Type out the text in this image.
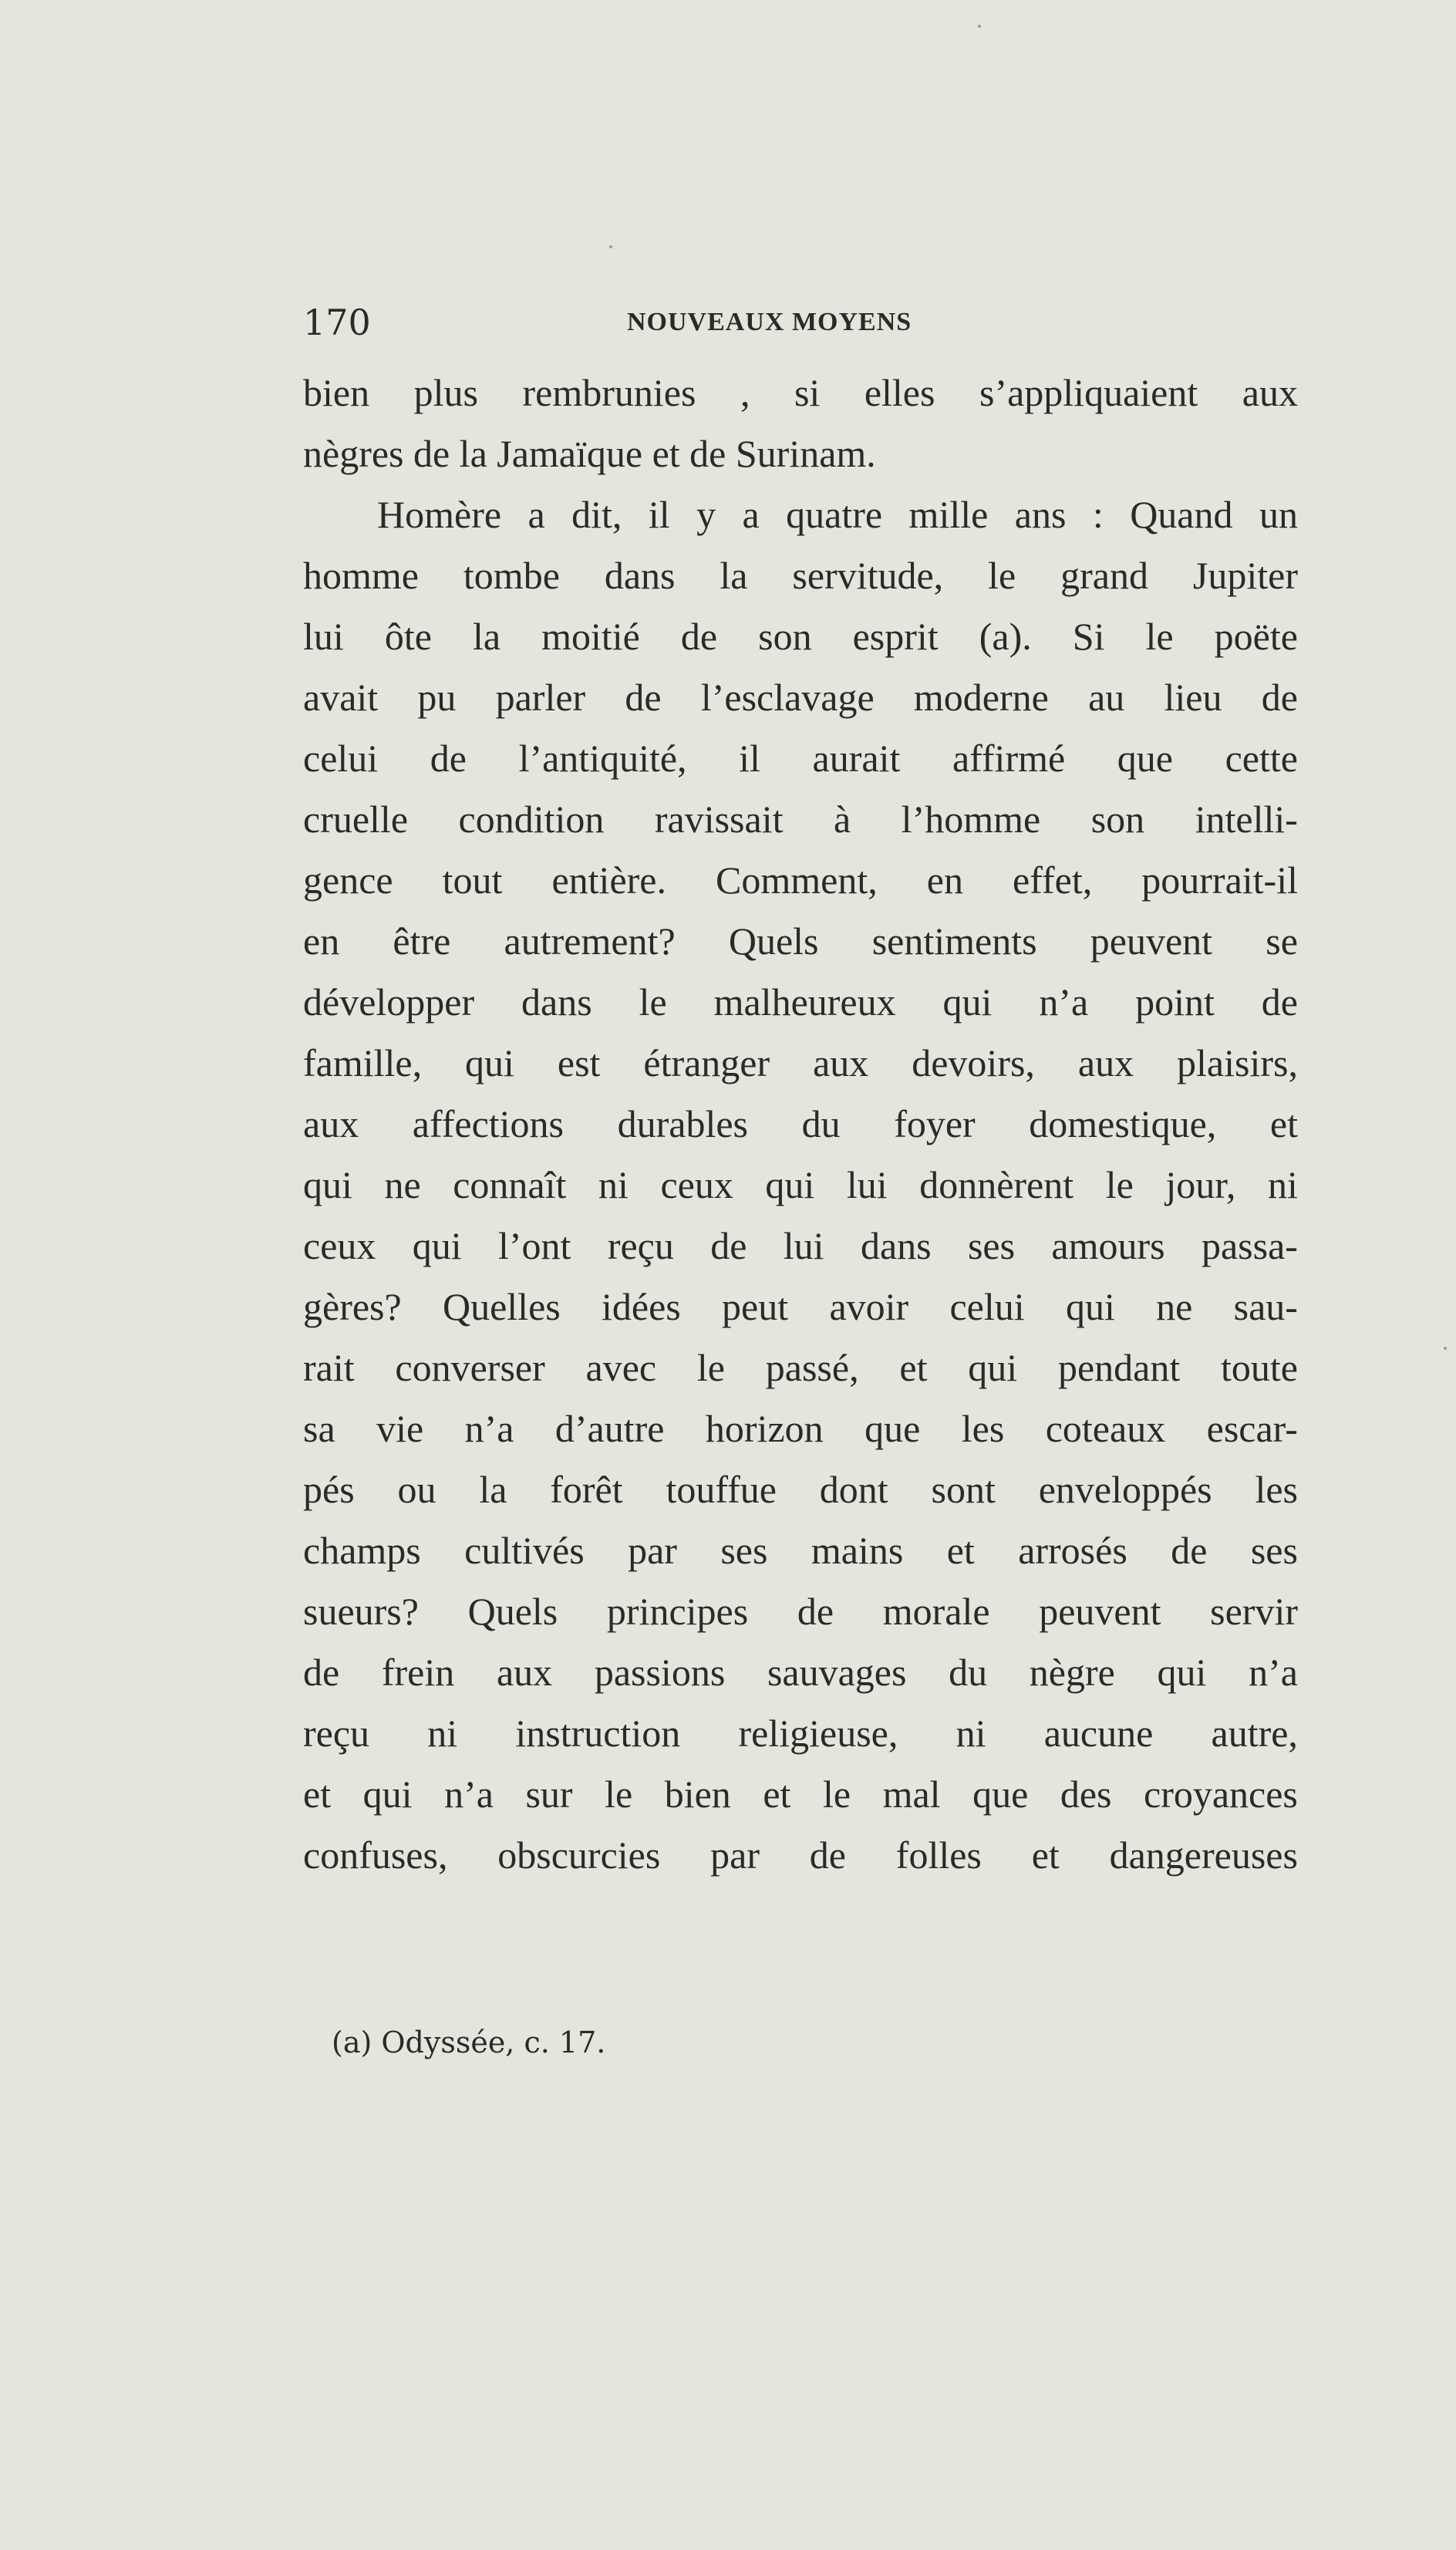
170	NOUVEAUX MOYENS
bien plus rembrunies , si elles s’appliquaient aux
nègres de la Jamaïque et de Surinam.
Homère a dit, il y a quatre mille ans : Quand un
homme tombe dans la servitude, le grand Jupiter
lui ôte la moitié de son esprit (a). Si le poëte
avait pu parler de l’esclavage moderne au lieu de
celui de l’antiquité, il aurait affirmé que cette
cruelle condition ravissait à l’homme son intelli-
gence tout entière. Comment, en effet, pourrait-il
en être autrement? Quels sentiments peuvent se
développer dans le malheureux qui n’a point de
famille, qui est étranger aux devoirs, aux plaisirs,
aux affections durables du foyer domestique, et
qui ne connaît ni ceux qui lui donnèrent le jour, ni
ceux qui l’ont reçu de lui dans ses amours passa-
gères? Quelles idées peut avoir celui qui ne sau-
rait converser avec le passé, et qui pendant toute
sa vie n’a d’autre horizon que les coteaux escar-
pés ou la forêt touffue dont sont enveloppés les
champs cultivés par ses mains et arrosés de ses
sueurs? Quels principes de morale peuvent servir
de frein aux passions sauvages du nègre qui n’a
reçu ni instruction religieuse, ni aucune autre,
et qui n’a sur le bien et le mal que des croyances
confuses, obscurcies par de folles et dangereuses
(a) Odyssée, c. 17.
